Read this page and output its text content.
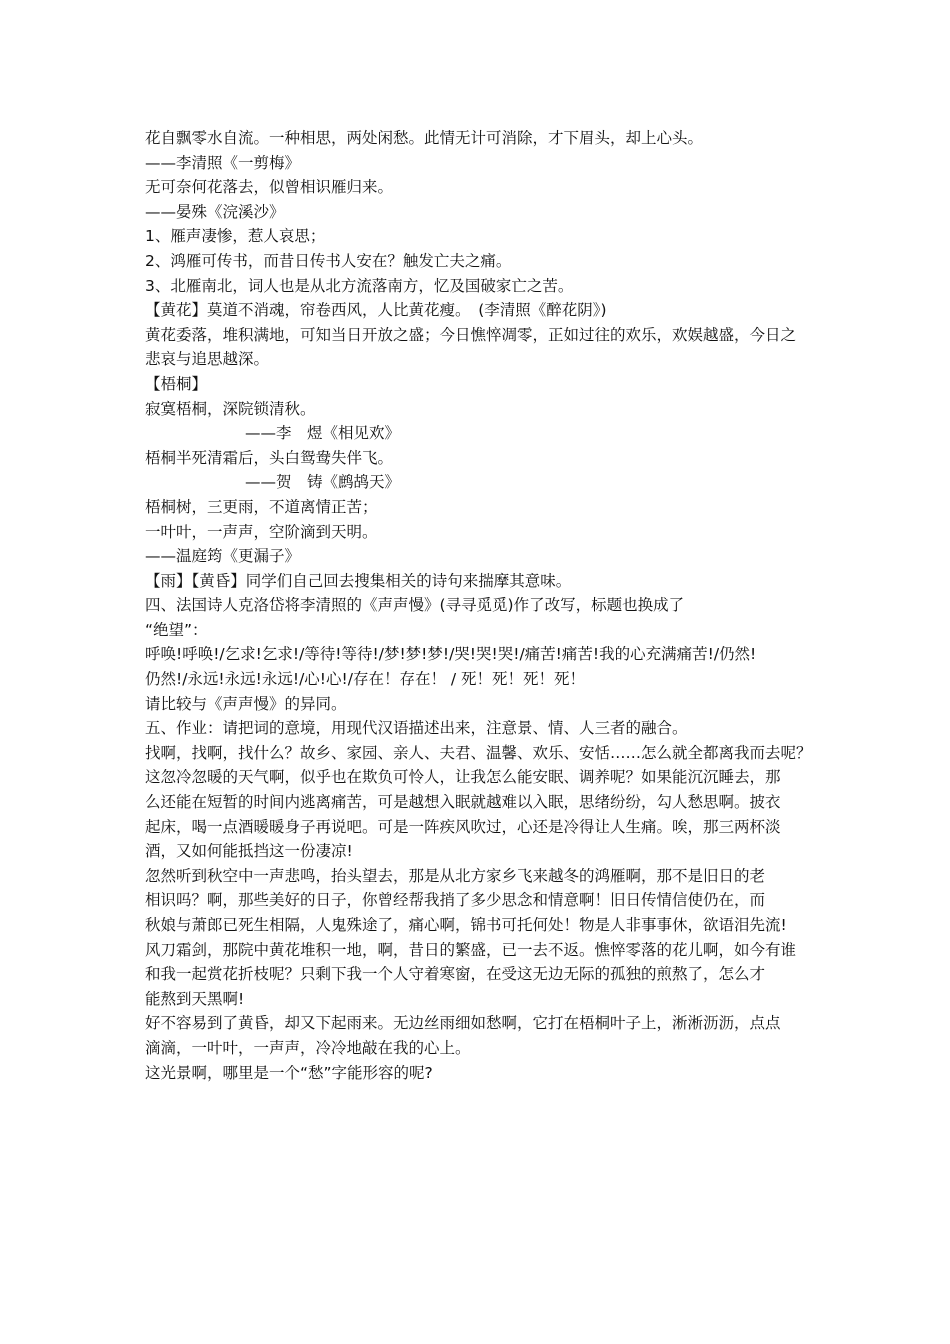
花自飘零水自流。一种相思，两处闲愁。此情无计可消除，才下眉头，却上心头。
——李清照《一剪梅》
无可奈何花落去，似曾相识雁归来。
——晏殊《浣溪沙》
1、雁声凄惨，惹人哀思；
2、鸿雁可传书，而昔日传书人安在？触发亡夫之痛。
3、北雁南北，词人也是从北方流落南方，忆及国破家亡之苦。
【黄花】莫道不消魂，帘卷西风，人比黄花瘦。　(李清照《醉花阴》)
黄花委落，堆积满地，可知当日开放之盛；今日憔悴凋零，正如过往的欢乐，欢娱越盛，今日之
悲哀与追思越深。
【梧桐】
寂寞梧桐，深院锁清秋。
——李　煜《相见欢》
梧桐半死清霜后，头白鸳鸯失伴飞。
——贺　铸《鹧鸪天》
梧桐树，三更雨，不道离情正苦；
一叶叶，一声声，空阶滴到天明。
——温庭筠《更漏子》
【雨】【黄昏】同学们自己回去搜集相关的诗句来揣摩其意味。
四、法国诗人克洛岱将李清照的《声声慢》(寻寻觅觅)作了改写，标题也换成了
“绝望”：
呼唤!呼唤!/乞求!乞求!/等待!等待!/梦!梦!梦!/哭!哭!哭!/痛苦!痛苦!我的心充满痛苦!/仍然!
仍然!/永远!永远!永远!/心!心!/存在！存在！ / 死！死！死！死！
请比较与《声声慢》的异同。
五、作业：请把词的意境，用现代汉语描述出来，注意景、情、人三者的融合。
找啊，找啊，找什么？故乡、家园、亲人、夫君、温馨、欢乐、安恬……怎么就全都离我而去呢？
这忽冷忽暖的天气啊，似乎也在欺负可怜人，让我怎么能安眠、调养呢？如果能沉沉睡去，那
么还能在短暂的时间内逃离痛苦，可是越想入眠就越难以入眠，思绪纷纷，勾人愁思啊。披衣
起床，喝一点酒暖暖身子再说吧。可是一阵疾风吹过，心还是冷得让人生痛。唉，那三两杯淡
酒，又如何能抵挡这一份凄凉!
忽然听到秋空中一声悲鸣，抬头望去，那是从北方家乡飞来越冬的鸿雁啊，那不是旧日的老
相识吗？啊，那些美好的日子，你曾经帮我捎了多少思念和情意啊！旧日传情信使仍在，而
秋娘与萧郎已死生相隔，人鬼殊途了，痛心啊，锦书可托何处！物是人非事事休，欲语泪先流!
风刀霜剑，那院中黄花堆积一地，啊，昔日的繁盛，已一去不返。憔悴零落的花儿啊，如今有谁
和我一起赏花折枝呢？只剩下我一个人守着寒窗，在受这无边无际的孤独的煎熬了，怎么才
能熬到天黑啊!
好不容易到了黄昏，却又下起雨来。无边丝雨细如愁啊，它打在梧桐叶子上，淅淅沥沥，点点
滴滴，一叶叶，一声声，冷冷地敲在我的心上。
这光景啊，哪里是一个“愁”字能形容的呢?
